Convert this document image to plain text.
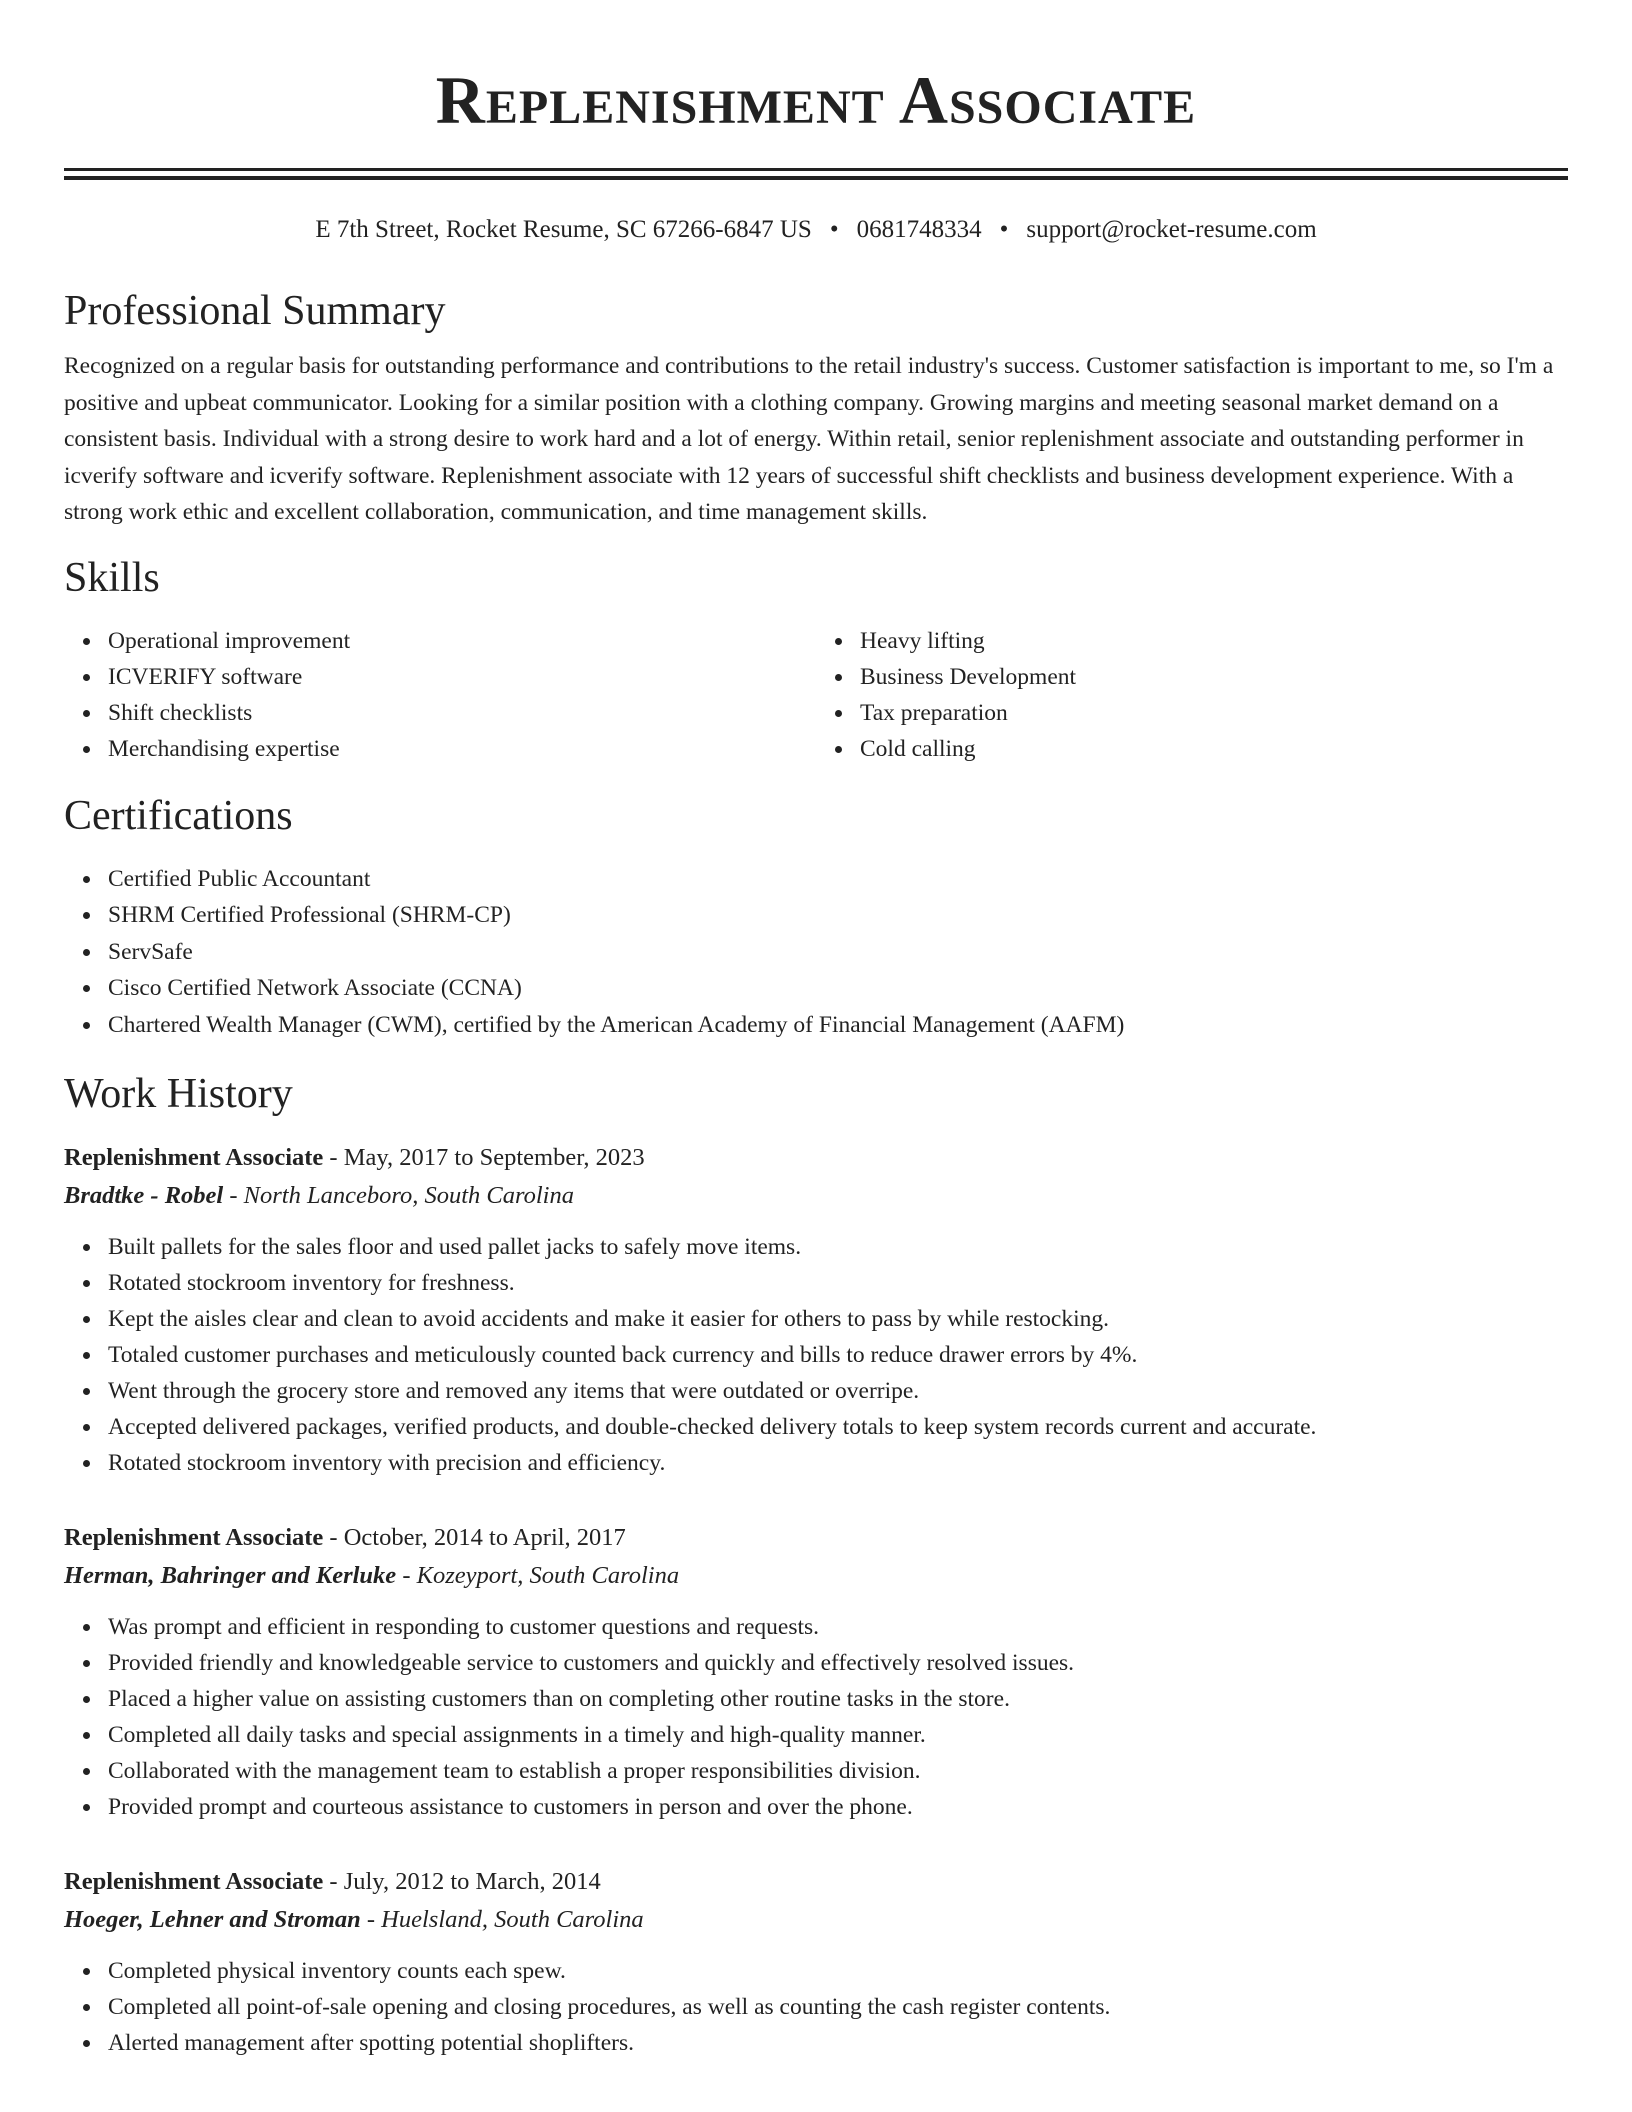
Replenishment Associate
E 7th Street, Rocket Resume, SC 67266-6847 US • 0681748334 • support@rocket-resume.com
Professional Summary
Recognized on a regular basis for outstanding performance and contributions to the retail industry's success. Customer satisfaction is important to me, so I'm a positive and upbeat communicator. Looking for a similar position with a clothing company. Growing margins and meeting seasonal market demand on a consistent basis. Individual with a strong desire to work hard and a lot of energy. Within retail, senior replenishment associate and outstanding performer in icverify software and icverify software. Replenishment associate with 12 years of successful shift checklists and business development experience. With a strong work ethic and excellent collaboration, communication, and time management skills.
Skills
Operational improvement
ICVERIFY software
Shift checklists
Merchandising expertise
Heavy lifting
Business Development
Tax preparation
Cold calling
Certifications
Certified Public Accountant
SHRM Certified Professional (SHRM-CP)
ServSafe
Cisco Certified Network Associate (CCNA)
Chartered Wealth Manager (CWM), certified by the American Academy of Financial Management (AAFM)
Work History
Replenishment Associate - May, 2017 to September, 2023
Bradtke - Robel - North Lanceboro, South Carolina
Built pallets for the sales floor and used pallet jacks to safely move items.
Rotated stockroom inventory for freshness.
Kept the aisles clear and clean to avoid accidents and make it easier for others to pass by while restocking.
Totaled customer purchases and meticulously counted back currency and bills to reduce drawer errors by 4%.
Went through the grocery store and removed any items that were outdated or overripe.
Accepted delivered packages, verified products, and double-checked delivery totals to keep system records current and accurate.
Rotated stockroom inventory with precision and efficiency.
Replenishment Associate - October, 2014 to April, 2017
Herman, Bahringer and Kerluke - Kozeyport, South Carolina
Was prompt and efficient in responding to customer questions and requests.
Provided friendly and knowledgeable service to customers and quickly and effectively resolved issues.
Placed a higher value on assisting customers than on completing other routine tasks in the store.
Completed all daily tasks and special assignments in a timely and high-quality manner.
Collaborated with the management team to establish a proper responsibilities division.
Provided prompt and courteous assistance to customers in person and over the phone.
Replenishment Associate - July, 2012 to March, 2014
Hoeger, Lehner and Stroman - Huelsland, South Carolina
Completed physical inventory counts each spew.
Completed all point-of-sale opening and closing procedures, as well as counting the cash register contents.
Alerted management after spotting potential shoplifters.
